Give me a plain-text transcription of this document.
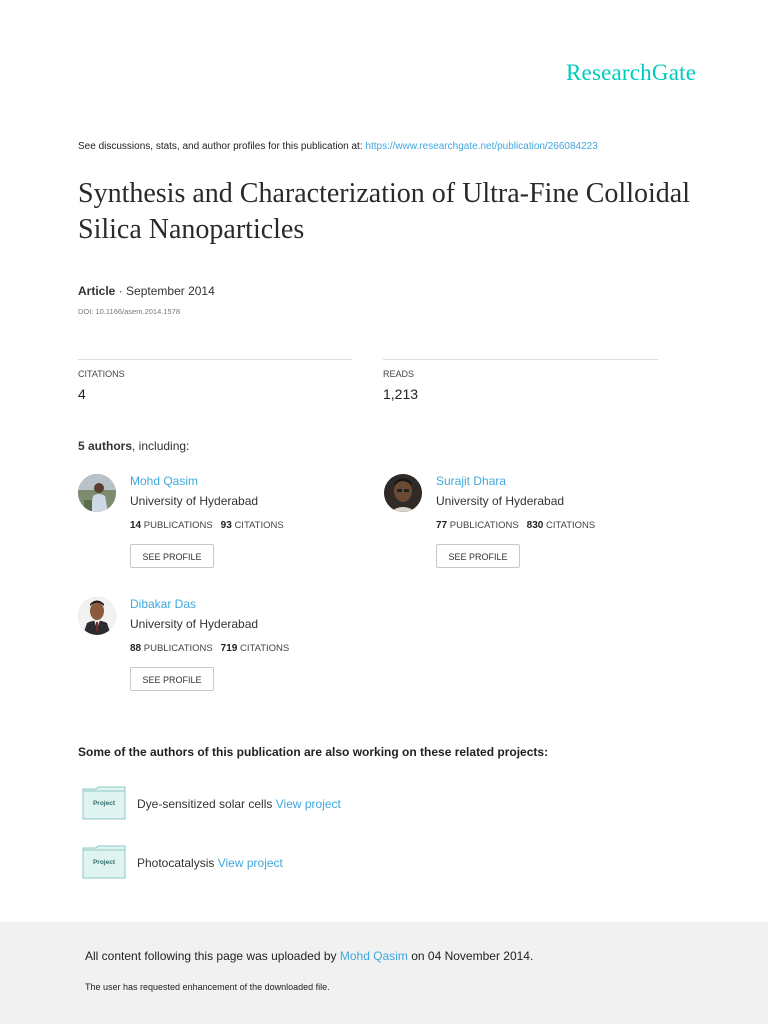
ResearchGate
See discussions, stats, and author profiles for this publication at: https://www.researchgate.net/publication/266084223
Synthesis and Characterization of Ultra-Fine Colloidal Silica Nanoparticles
Article · September 2014
DOI: 10.1166/asem.2014.1578
CITATIONS
4
READS
1,213
5 authors, including:
Mohd Qasim
University of Hyderabad
14 PUBLICATIONS 93 CITATIONS
SEE PROFILE
Surajit Dhara
University of Hyderabad
77 PUBLICATIONS 830 CITATIONS
SEE PROFILE
Dibakar Das
University of Hyderabad
88 PUBLICATIONS 719 CITATIONS
SEE PROFILE
Some of the authors of this publication are also working on these related projects:
Project	Dye-sensitized solar cells View project
Project	Photocatalysis View project
All content following this page was uploaded by Mohd Qasim on 04 November 2014.
The user has requested enhancement of the downloaded file.
